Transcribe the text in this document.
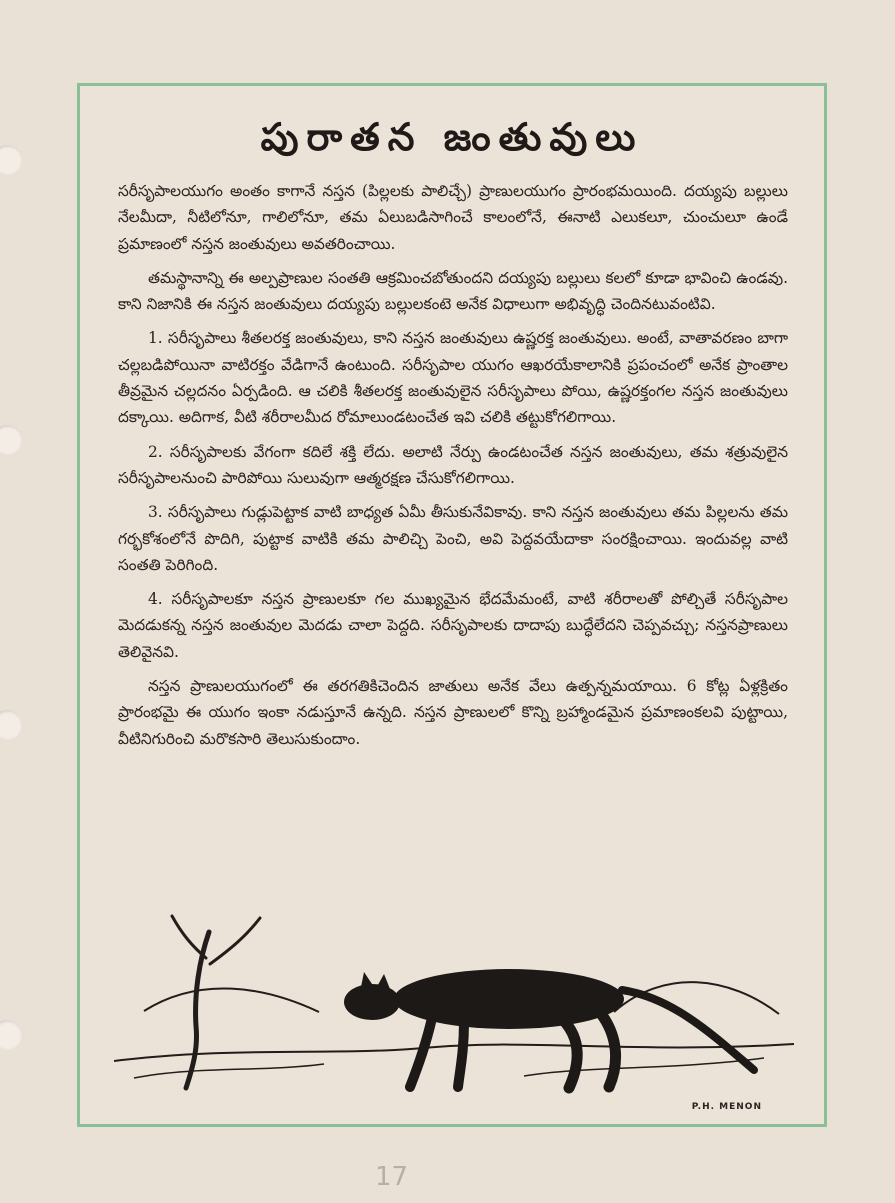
పురాతన జంతువులు

సరీసృపాలయుగం అంతం కాగానే నస్తన (పిల్లలకు పాలిచ్చే) ప్రాణులయుగం ప్రారంభమయింది. దయ్యపు బల్లులు నేలమీదా, నీటిలోనూ, గాలిలోనూ, తమ ఏలుబడిసాగించే కాలంలోనే, ఈనాటి ఎలుకలూ, చుంచులూ ఉండే ప్రమాణంలో నస్తన జంతువులు అవతరించాయి.

తమస్థానాన్ని ఈ అల్పప్రాణుల సంతతి ఆక్రమించబోతుందని దయ్యపు బల్లులు కలలో కూడా భావించి ఉండవు. కాని నిజానికి ఈ నస్తన జంతువులు దయ్యపు బల్లులకంటె అనేక విధాలుగా అభివృద్ధి చెందినటువంటివి.

1. సరీసృపాలు శీతలరక్త జంతువులు, కాని నస్తన జంతువులు ఉష్ణరక్త జంతువులు. అంటే, వాతావరణం బాగా చల్లబడిపోయినా వాటిరక్తం వేడిగానే ఉంటుంది. సరీసృపాల యుగం ఆఖరయేకాలానికి ప్రపంచంలో అనేక ప్రాంతాల తీవ్రమైన చల్లదనం ఏర్పడింది. ఆ చలికి శీతలరక్త జంతువులైన సరీసృపాలు పోయి, ఉష్ణరక్తంగల నస్తన జంతువులు దక్కాయి. అదిగాక, వీటి శరీరాలమీద రోమాలుండటంచేత ఇవి చలికి తట్టుకోగలిగాయి.

2. సరీసృపాలకు వేగంగా కదిలే శక్తి లేదు. అలాటి నేర్పు ఉండటంచేత నస్తన జంతువులు, తమ శత్రువులైన సరీసృపాలనుంచి పారిపోయి సులువుగా ఆత్మరక్షణ చేసుకోగలిగాయి.

3. సరీసృపాలు గుడ్లుపెట్టాక వాటి బాధ్యత ఏమీ తీసుకునేవికావు. కాని నస్తన జంతువులు తమ పిల్లలను తమ గర్భకోశంలోనే పొదిగి, పుట్టాక వాటికి తమ పాలిచ్చి పెంచి, అవి పెద్దవయేదాకా సంరక్షించాయి. ఇందువల్ల వాటి సంతతి పెరిగింది.

4. సరీసృపాలకూ నస్తన ప్రాణులకూ గల ముఖ్యమైన భేదమేమంటే, వాటి శరీరాలతో పోల్చితే సరీసృపాల మెదడుకన్న నస్తన జంతువుల మెదడు చాలా పెద్దది. సరీసృపాలకు దాదాపు బుద్ధేలేదని చెప్పవచ్చు; నస్తనప్రాణులు తెలివైనవి.

నస్తన ప్రాణులయుగంలో ఈ తరగతికిచెందిన జాతులు అనేక వేలు ఉత్పన్నమయాయి. 6 కోట్ల ఏళ్లక్రితం ప్రారంభమై ఈ యుగం ఇంకా నడుస్తూనే ఉన్నది. నస్తన ప్రాణులలో కొన్ని బ్రహ్మాండమైన ప్రమాణంకలవి పుట్టాయి, వీటినిగురించి మరొకసారి తెలుసుకుందాం.

P.H. MENON
17
